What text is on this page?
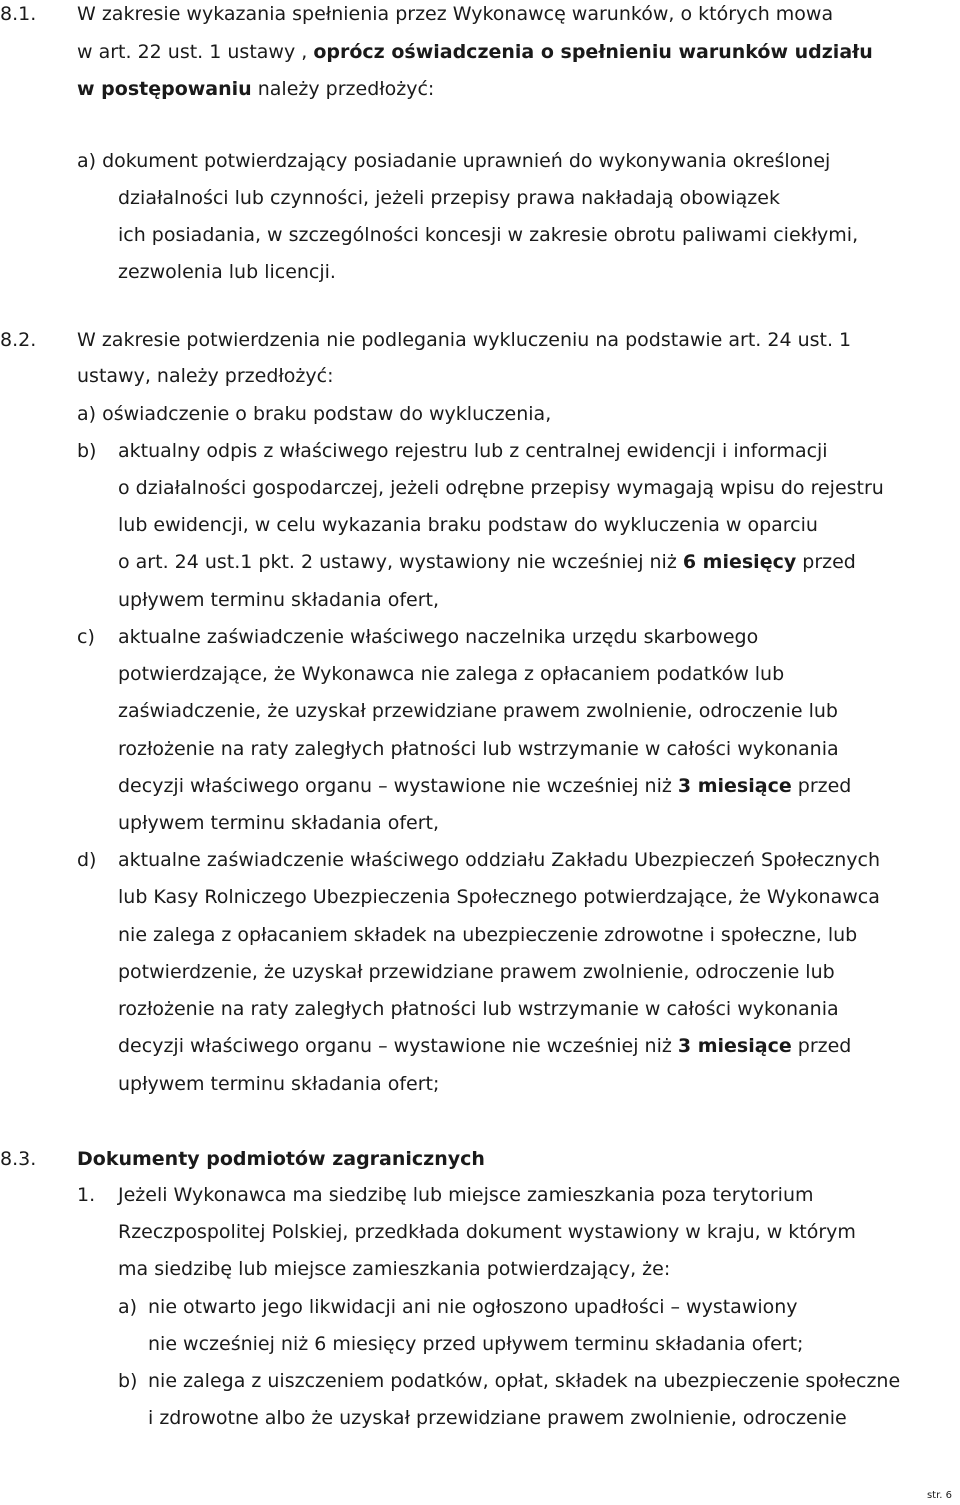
8.1. W zakresie wykazania spełnienia przez Wykonawcę warunków, o których mowa
w art. 22 ust. 1 ustawy , oprócz oświadczenia o spełnieniu warunków udziału
w postępowaniu należy przedłożyć:
a) dokument potwierdzający posiadanie uprawnień do wykonywania określonej
działalności lub czynności, jeżeli przepisy prawa nakładają obowiązek
ich posiadania, w szczególności koncesji w zakresie obrotu paliwami ciekłymi,
zezwolenia lub licencji.
8.2. W zakresie potwierdzenia nie podlegania wykluczeniu na podstawie art. 24 ust. 1
ustawy, należy przedłożyć:
a) oświadczenie o braku podstaw do wykluczenia,
b) aktualny odpis z właściwego rejestru lub z centralnej ewidencji i informacji
o działalności gospodarczej, jeżeli odrębne przepisy wymagają wpisu do rejestru
lub ewidencji, w celu wykazania braku podstaw do wykluczenia w oparciu
o art. 24 ust.1 pkt. 2 ustawy, wystawiony nie wcześniej niż 6 miesięcy przed
upływem terminu składania ofert,
c) aktualne zaświadczenie właściwego naczelnika urzędu skarbowego
potwierdzające, że Wykonawca nie zalega z opłacaniem podatków lub
zaświadczenie, że uzyskał przewidziane prawem zwolnienie, odroczenie lub
rozłożenie na raty zaległych płatności lub wstrzymanie w całości wykonania
decyzji właściwego organu – wystawione nie wcześniej niż 3 miesiące przed
upływem terminu składania ofert,
d) aktualne zaświadczenie właściwego oddziału Zakładu Ubezpieczeń Społecznych
lub Kasy Rolniczego Ubezpieczenia Społecznego potwierdzające, że Wykonawca
nie zalega z opłacaniem składek na ubezpieczenie zdrowotne i społeczne, lub
potwierdzenie, że uzyskał przewidziane prawem zwolnienie, odroczenie lub
rozłożenie na raty zaległych płatności lub wstrzymanie w całości wykonania
decyzji właściwego organu – wystawione nie wcześniej niż 3 miesiące przed
upływem terminu składania ofert;
8.3. Dokumenty podmiotów zagranicznych
1. Jeżeli Wykonawca ma siedzibę lub miejsce zamieszkania poza terytorium
Rzeczpospolitej Polskiej, przedkłada dokument wystawiony w kraju, w którym
ma siedzibę lub miejsce zamieszkania potwierdzający, że:
a) nie otwarto jego likwidacji ani nie ogłoszono upadłości – wystawiony
nie wcześniej niż 6 miesięcy przed upływem terminu składania ofert;
b) nie zalega z uiszczeniem podatków, opłat, składek na ubezpieczenie społeczne
i zdrowotne albo że uzyskał przewidziane prawem zwolnienie, odroczenie
str. 6
